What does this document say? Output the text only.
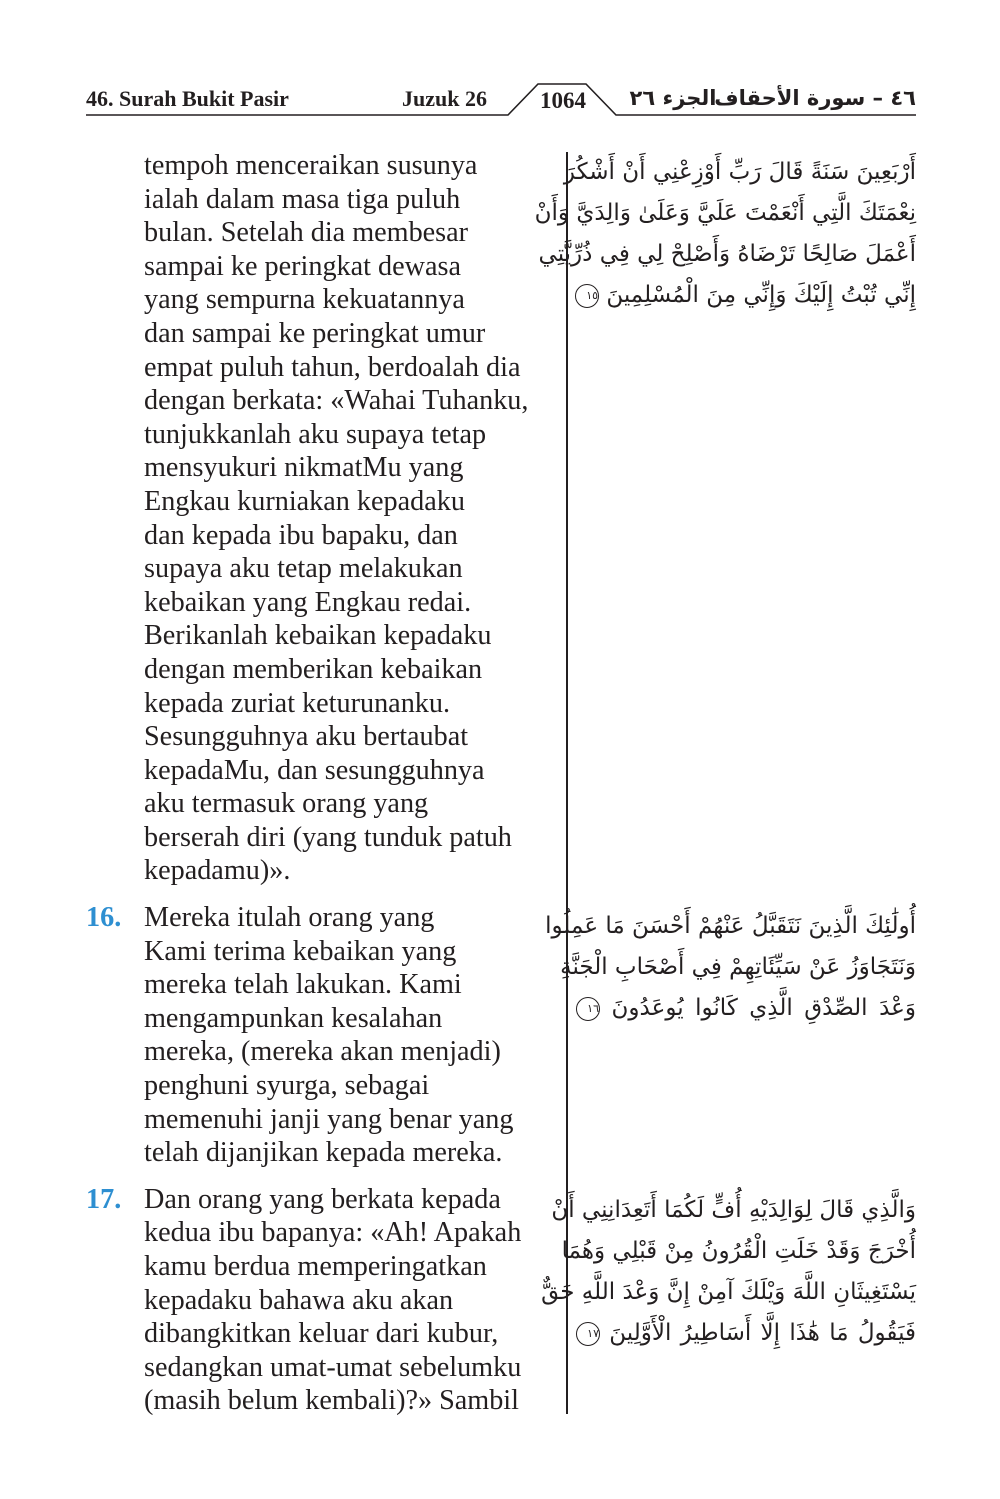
46. Surah Bukit Pasir	Juzuk 26	1064	الجزء ٢٦
٤٦ – سورة الأحقاف
tempoh menceraikan susunya
ialah dalam masa tiga puluh
bulan. Setelah dia membesar
sampai ke peringkat dewasa
yang sempurna kekuatannya
dan sampai ke peringkat umur
empat puluh tahun, berdoalah dia
dengan berkata: «Wahai Tuhanku,
tunjukkanlah aku supaya tetap
mensyukuri nikmatMu yang
Engkau kurniakan kepadaku
dan kepada ibu bapaku, dan
supaya aku tetap melakukan
kebaikan yang Engkau redai.
Berikanlah kebaikan kepadaku
dengan memberikan kebaikan
kepada zuriat keturunanku.
Sesungguhnya aku bertaubat
kepadaMu, dan sesungguhnya
aku termasuk orang yang
berserah diri (yang tunduk patuh
kepadamu)».
16. Mereka itulah orang yang
Kami terima kebaikan yang
mereka telah lakukan. Kami
mengampunkan kesalahan
mereka, (mereka akan menjadi)
penghuni syurga, sebagai
memenuhi janji yang benar yang
telah dijanjikan kepada mereka.
17. Dan orang yang berkata kepada
kedua ibu bapanya: «Ah! Apakah
kamu berdua memperingatkan
kepadaku bahawa aku akan
dibangkitkan keluar dari kubur,
sedangkan umat-umat sebelumku
(masih belum kembali)?» Sambil
أَرْبَعِينَ سَنَةً قَالَ رَبِّ أَوْزِعْنِي أَنْ أَشْكُرَ
نِعْمَتَكَ الَّتِي أَنْعَمْتَ عَلَيَّ وَعَلَىٰ وَالِدَيَّ وَأَنْ
أَعْمَلَ صَالِحًا تَرْضَاهُ وَأَصْلِحْ لِي فِي ذُرِّيَّتِي
إِنِّي تُبْتُ إِلَيْكَ وَإِنِّي مِنَ الْمُسْلِمِينَ ١٥
أُولَٰئِكَ الَّذِينَ نَتَقَبَّلُ عَنْهُمْ أَحْسَنَ مَا عَمِلُوا
وَنَتَجَاوَزُ عَنْ سَيِّئَاتِهِمْ فِي أَصْحَابِ الْجَنَّةِ
وَعْدَ الصِّدْقِ الَّذِي كَانُوا يُوعَدُونَ ١٦
وَالَّذِي قَالَ لِوَالِدَيْهِ أُفٍّ لَكُمَا أَتَعِدَانِنِي أَنْ
أُخْرَجَ وَقَدْ خَلَتِ الْقُرُونُ مِنْ قَبْلِي وَهُمَا
يَسْتَغِيثَانِ اللَّهَ وَيْلَكَ آمِنْ إِنَّ وَعْدَ اللَّهِ حَقٌّ
فَيَقُولُ مَا هَٰذَا إِلَّا أَسَاطِيرُ الْأَوَّلِينَ ١٧
